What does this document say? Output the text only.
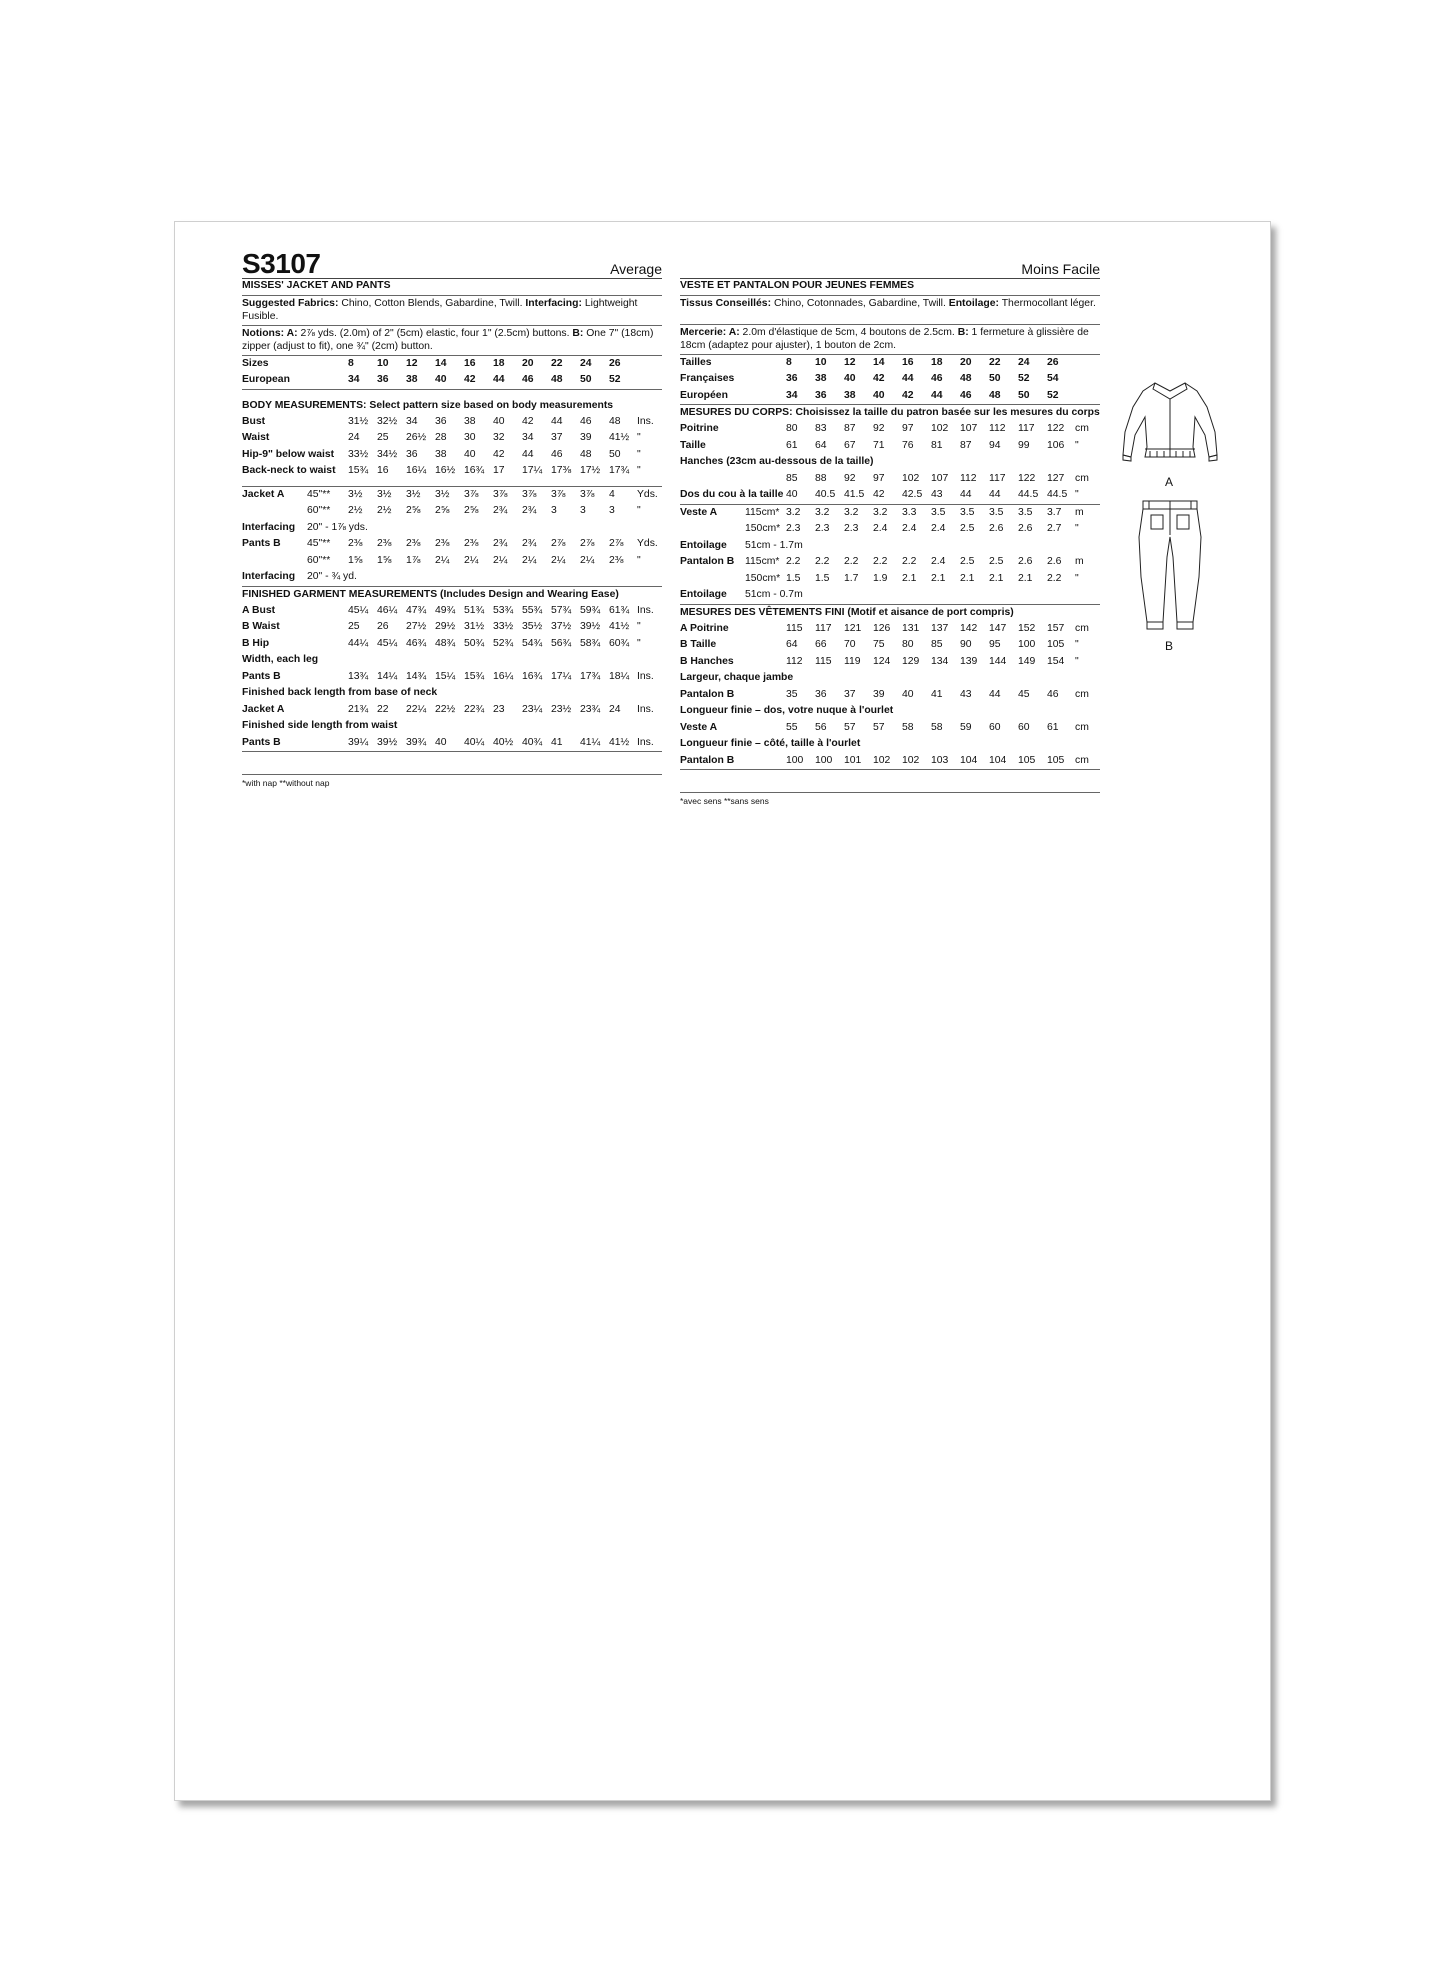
S3107	Average
MISSES' JACKET AND PANTS
Suggested Fabrics: Chino, Cotton Blends, Gabardine, Twill. Interfacing: Lightweight Fusible.
Notions: A: 2⅞ yds. (2.0m) of 2" (5cm) elastic, four 1" (2.5cm) buttons. B: One 7" (18cm) zipper (adjust to fit), one ¾" (2cm) button.
Sizes	8 10 12 14 16 18 20 22 24 26
European	34 36 38 40 42 44 46 48 50 52
BODY MEASUREMENTS: Select pattern size based on body measurements
Bust	31½ 32½ 34 36 38 40 42 44 46 48 Ins.
Waist	24 25 26½ 28 30 32 34 37 39 41½ "
Hip-9" below waist 33½ 34½ 36 38 40 42 44 46 48 50 "
Back-neck to waist 15¾ 16 16¼ 16½ 16¾ 17 17¼ 17⅜ 17½ 17¾ "
Jacket A 45"** 3½ 3½ 3½ 3½ 3⅞ 3⅞ 3⅞ 3⅞ 3⅞ 4 Yds.
60"** 2½ 2½ 2⅝ 2⅝ 2⅝ 2¾ 2¾ 3 3 3 "
Interfacing 20" - 1⅞ yds.
Pants B	45"** 2⅜ 2⅜ 2⅜ 2⅜ 2⅜ 2¾ 2¾ 2⅞ 2⅞ 2⅞ Yds.
60"** 1⅝ 1⅝ 1⅞ 2¼ 2¼ 2¼ 2¼ 2¼ 2¼ 2⅜ "
Interfacing 20" - ¾ yd.
FINISHED GARMENT MEASUREMENTS (Includes Design and Wearing Ease)
A Bust	45¼ 46¼ 47¾ 49¾ 51¾ 53¾ 55¾ 57¾ 59¾ 61¾ Ins.
B Waist	25 26 27½ 29½ 31½ 33½ 35½ 37½ 39½ 41½ "
B Hip	44¼ 45¼ 46¾ 48¾ 50¾ 52¾ 54¾ 56¾ 58¾ 60¾ "
Width, each leg
Pants B	13¾ 14¼ 14¾ 15¼ 15¾ 16¼ 16¾ 17¼ 17¾ 18¼ Ins.
Finished back length from base of neck
Jacket A	21¾ 22 22¼ 22½ 22¾ 23 23¼ 23½ 23¾ 24 Ins.
Finished side length from waist
Pants B	39¼ 39½ 39¾ 40 40¼ 40½ 40¾ 41 41¼ 41½ Ins.
*with nap **without nap
Moins Facile
VESTE ET PANTALON POUR JEUNES FEMMES
Tissus Conseillés: Chino, Cotonnades, Gabardine, Twill. Entoilage: Thermocollant léger.
Mercerie: A: 2.0m d'élastique de 5cm, 4 boutons de 2.5cm. B: 1 fermeture à glissière de 18cm (adaptez pour ajuster), 1 bouton de 2cm.
Tailles	8 10 12 14 16 18 20 22 24 26
Françaises	36 38 40 42 44 46 48 50 52 54
Européen	34 36 38 40 42 44 46 48 50 52
MESURES DU CORPS: Choisissez la taille du patron basée sur les mesures du corps
Poitrine	80 83 87 92 97 102 107 112 117 122 cm
Taille	61 64 67 71 76 81 87 94 99 106 "
Hanches (23cm au-dessous de la taille)
85 88 92 97 102 107 112 117 122 127 cm
Dos du cou à la taille 40 40.5 41.5 42 42.5 43 44 44 44.5 44.5 "
Veste A	115cm* 3.2 3.2 3.2 3.2 3.3 3.5 3.5 3.5 3.5 3.7 m
150cm* 2.3 2.3 2.3 2.4 2.4 2.4 2.5 2.6 2.6 2.7 "
Entoilage 51cm - 1.7m
Pantalon B 115cm* 2.2 2.2 2.2 2.2 2.2 2.4 2.5 2.5 2.6 2.6 m
150cm* 1.5 1.5 1.7 1.9 2.1 2.1 2.1 2.1 2.1 2.2 "
Entoilage 51cm - 0.7m
MESURES DES VÊTEMENTS FINI (Motif et aisance de port compris)
A Poitrine	115 117 121 126 131 137 142 147 152 157 cm
B Taille	64 66 70 75 80 85 90 95 100 105 "
B Hanches	112 115 119 124 129 134 139 144 149 154 "
Largeur, chaque jambe
Pantalon B	35 36 37 39 40 41 43 44 45 46 cm
Longueur finie – dos, votre nuque à l'ourlet
Veste A	55 56 57 57 58 58 59 60 60 61 cm
Longueur finie – côté, taille à l'ourlet
Pantalon B	100 100 101 102 102 103 104 104 105 105 cm
*avec sens **sans sens
A
B
